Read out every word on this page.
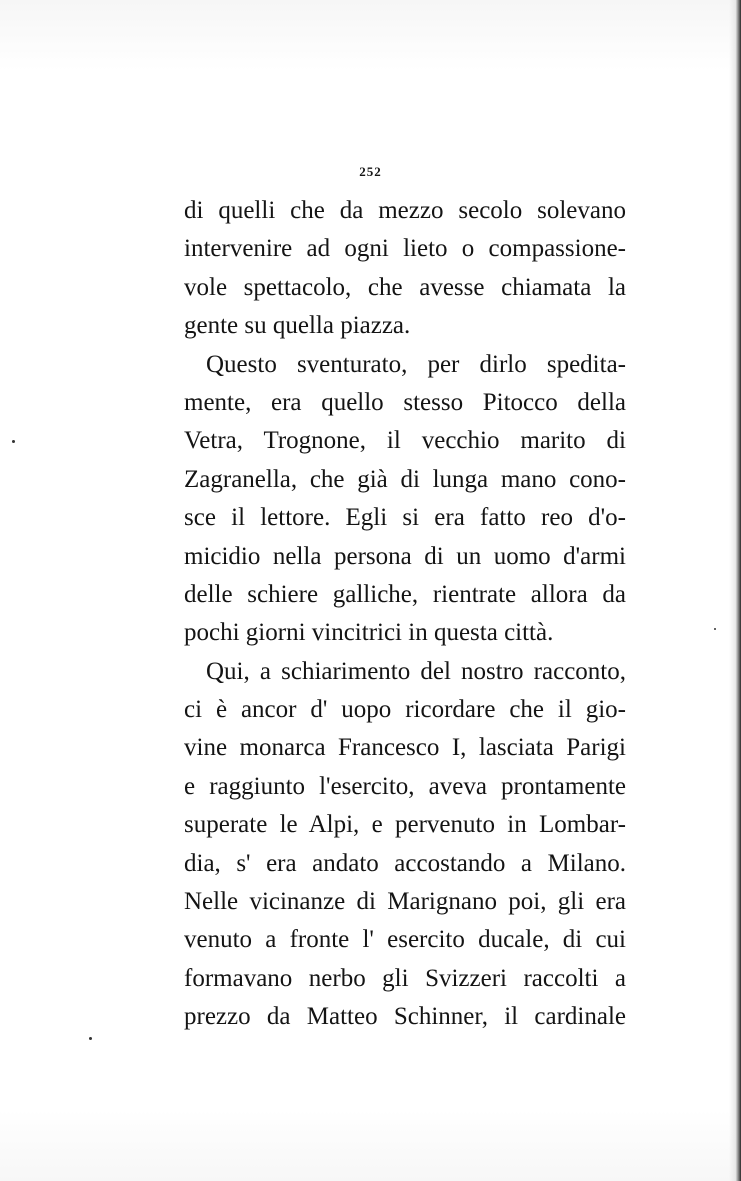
252
di quelli che da mezzo secolo solevano
intervenire ad ogni lieto o compassione-
vole spettacolo, che avesse chiamata la
gente su quella piazza.
Questo sventurato, per dirlo spedita-
mente, era quello stesso Pitocco della
Vetra, Trognone, il vecchio marito di
Zagranella, che già di lunga mano cono-
sce il lettore. Egli si era fatto reo d'o-
micidio nella persona di un uomo d'armi
delle schiere galliche, rientrate allora da
pochi giorni vincitrici in questa città.
Qui, a schiarimento del nostro racconto,
ci è ancor d' uopo ricordare che il gio-
vine monarca Francesco I, lasciata Parigi
e raggiunto l'esercito, aveva prontamente
superate le Alpi, e pervenuto in Lombar-
dia, s' era andato accostando a Milano.
Nelle vicinanze di Marignano poi, gli era
venuto a fronte l' esercito ducale, di cui
formavano nerbo gli Svizzeri raccolti a
prezzo da Matteo Schinner, il cardinale
